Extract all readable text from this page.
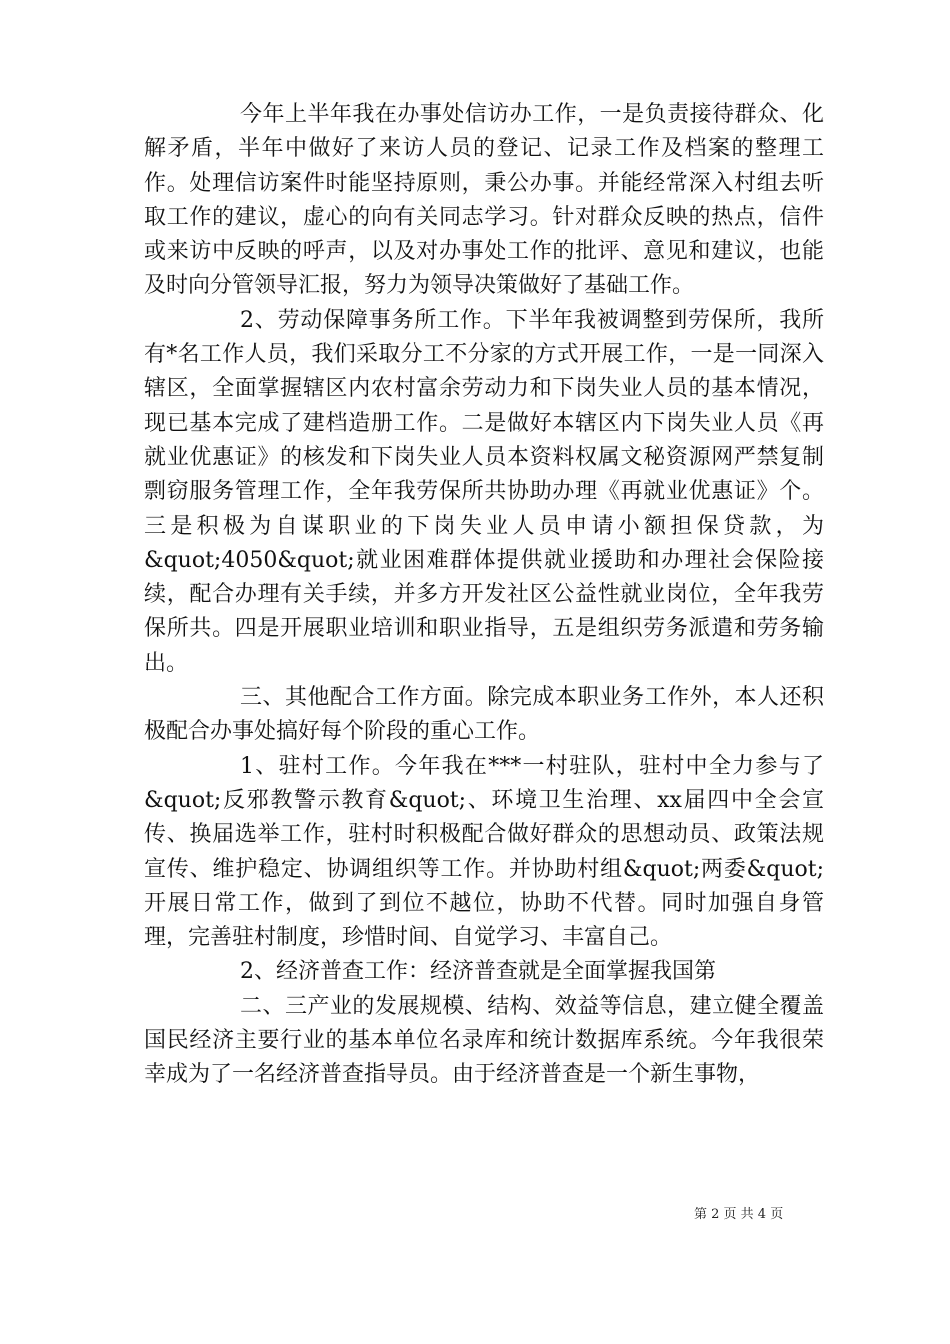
今年上半年我在办事处信访办工作，一是负责接待群众、化解矛盾，半年中做好了来访人员的登记、记录工作及档案的整理工作。处理信访案件时能坚持原则，秉公办事。并能经常深入村组去听取工作的建议，虚心的向有关同志学习。针对群众反映的热点，信件或来访中反映的呼声，以及对办事处工作的批评、意见和建议，也能及时向分管领导汇报，努力为领导决策做好了基础工作。

2、劳动保障事务所工作。下半年我被调整到劳保所，我所有*名工作人员，我们采取分工不分家的方式开展工作，一是一同深入辖区，全面掌握辖区内农村富余劳动力和下岗失业人员的基本情况，现已基本完成了建档造册工作。二是做好本辖区内下岗失业人员《再就业优惠证》的核发和下岗失业人员本资料权属文秘资源网严禁复制剽窃服务管理工作，全年我劳保所共协助办理《再就业优惠证》个。三是积极为自谋职业的下岗失业人员申请小额担保贷款，为&quot;4050&quot;就业困难群体提供就业援助和办理社会保险接续，配合办理有关手续，并多方开发社区公益性就业岗位，全年我劳保所共。四是开展职业培训和职业指导，五是组织劳务派遣和劳务输出。

三、其他配合工作方面。除完成本职业务工作外，本人还积极配合办事处搞好每个阶段的重心工作。

1、驻村工作。今年我在***一村驻队，驻村中全力参与了&quot;反邪教警示教育&quot;、环境卫生治理、xx届四中全会宣传、换届选举工作，驻村时积极配合做好群众的思想动员、政策法规宣传、维护稳定、协调组织等工作。并协助村组&quot;两委&quot;开展日常工作，做到了到位不越位，协助不代替。同时加强自身管理，完善驻村制度，珍惜时间、自觉学习、丰富自己。

2、经济普查工作：经济普查就是全面掌握我国第

二、三产业的发展规模、结构、效益等信息，建立健全覆盖国民经济主要行业的基本单位名录库和统计数据库系统。今年我很荣幸成为了一名经济普查指导员。由于经济普查是一个新生事物，

第 2 页 共 4 页
